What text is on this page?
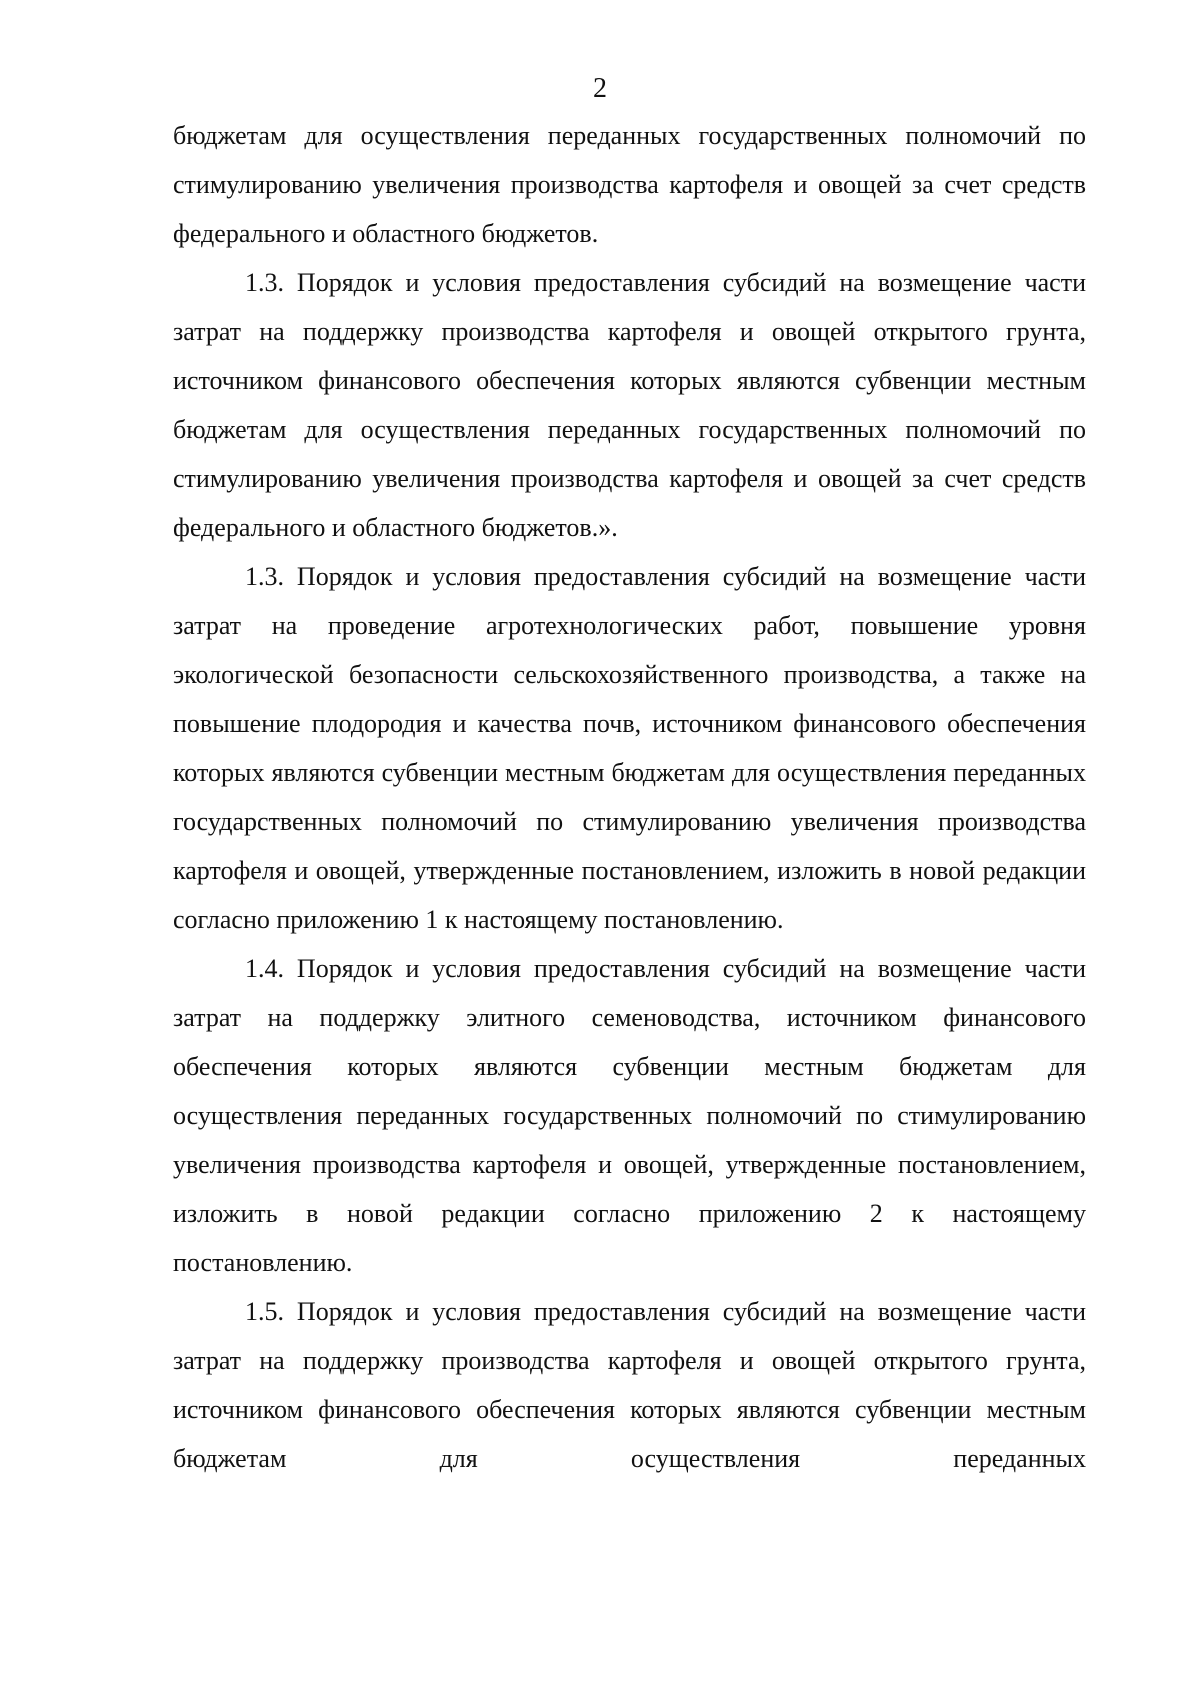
2

бюджетам для осуществления переданных государственных полномочий по стимулированию увеличения производства картофеля и овощей за счет средств федерального и областного бюджетов.

1.3. Порядок и условия предоставления субсидий на возмещение части затрат на поддержку производства картофеля и овощей открытого грунта, источником финансового обеспечения которых являются субвенции местным бюджетам для осуществления переданных государственных полномочий по стимулированию увеличения производства картофеля и овощей за счет средств федерального и областного бюджетов.».

1.3. Порядок и условия предоставления субсидий на возмещение части затрат на проведение агротехнологических работ, повышение уровня экологической безопасности сельскохозяйственного производства, а также на повышение плодородия и качества почв, источником финансового обеспечения которых являются субвенции местным бюджетам для осуществления переданных государственных полномочий по стимулированию увеличения производства картофеля и овощей, утвержденные постановлением, изложить в новой редакции согласно приложению 1 к настоящему постановлению.

1.4. Порядок и условия предоставления субсидий на возмещение части затрат на поддержку элитного семеноводства, источником финансового обеспечения которых являются субвенции местным бюджетам для осуществления переданных государственных полномочий по стимулированию увеличения производства картофеля и овощей, утвержденные постановлением, изложить в новой редакции согласно приложению 2 к настоящему постановлению.

1.5. Порядок и условия предоставления субсидий на возмещение части затрат на поддержку производства картофеля и овощей открытого грунта, источником финансового обеспечения которых являются субвенции местным бюджетам для осуществления переданных
